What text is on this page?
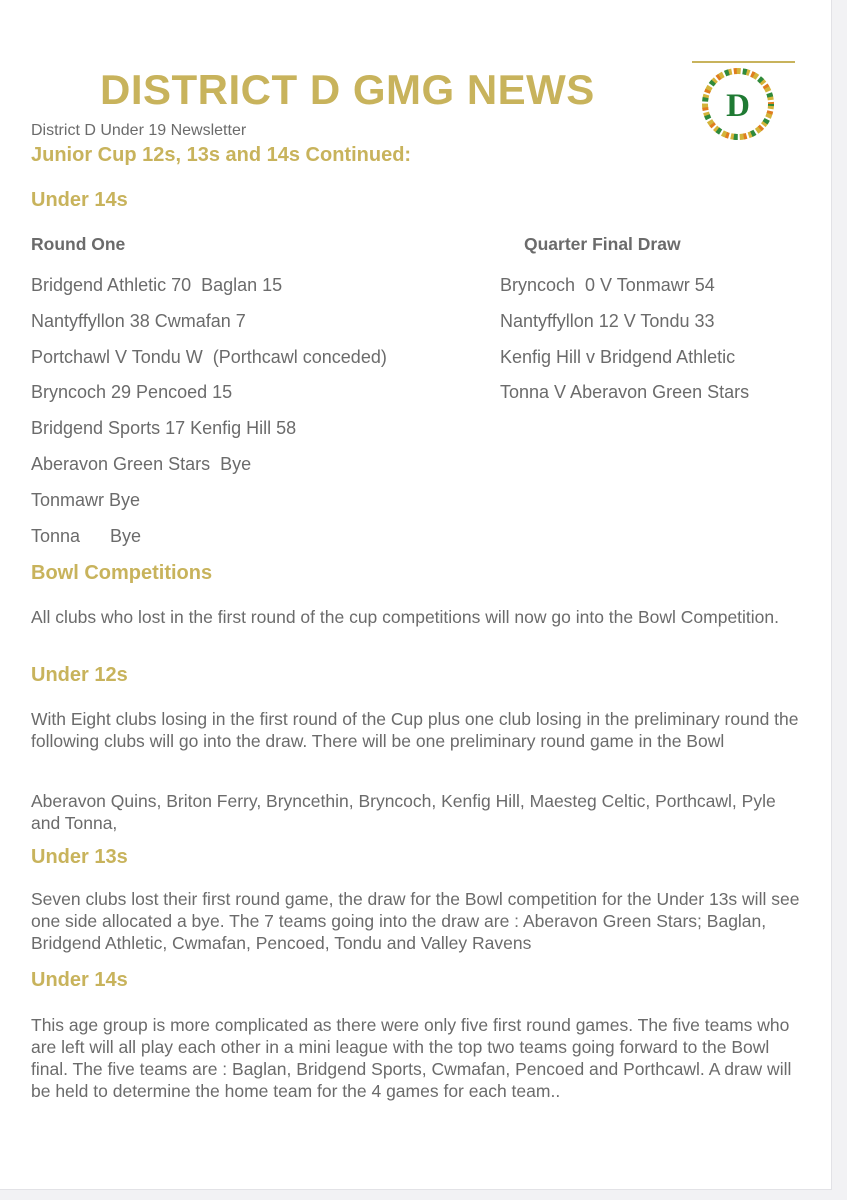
DISTRICT D GMG NEWS	D
District D Under 19 Newsletter
Junior Cup 12s, 13s and 14s Continued:
Under 14s
Round One	Quarter Final Draw
Bridgend Athletic 70  Baglan 15
Nantyffyllon 38 Cwmafan 7
Portchawl V Tondu W  (Porthcawl conceded)
Bryncoch 29 Pencoed 15
Bridgend Sports 17 Kenfig Hill 58
Aberavon Green Stars  Bye
Tonmawr Bye
Tonna      Bye
Bryncoch  0 V Tonmawr 54
Nantyffyllon 12 V Tondu 33
Kenfig Hill v Bridgend Athletic
Tonna V Aberavon Green Stars
Bowl Competitions
All clubs who lost in the first round of the cup competitions will now go into the Bowl Competition.
Under 12s
With Eight clubs losing in the first round of the Cup plus one club losing in the preliminary round the following clubs will go into the draw. There will be one preliminary round game in the Bowl
Aberavon Quins, Briton Ferry, Bryncethin, Bryncoch, Kenfig Hill, Maesteg Celtic, Porthcawl, Pyle and Tonna,
Under 13s
Seven clubs lost their first round game, the draw for the Bowl competition for the Under 13s will see one side allocated a bye. The 7 teams going into the draw are : Aberavon Green Stars; Baglan, Bridgend Athletic, Cwmafan, Pencoed, Tondu and Valley Ravens
Under 14s
This age group is more complicated as there were only five first round games. The five teams who are left will all play each other in a mini league with the top two teams going forward to the Bowl final. The five teams are : Baglan, Bridgend Sports, Cwmafan, Pencoed and Porthcawl. A draw will be held to determine the home team for the 4 games for each team..
